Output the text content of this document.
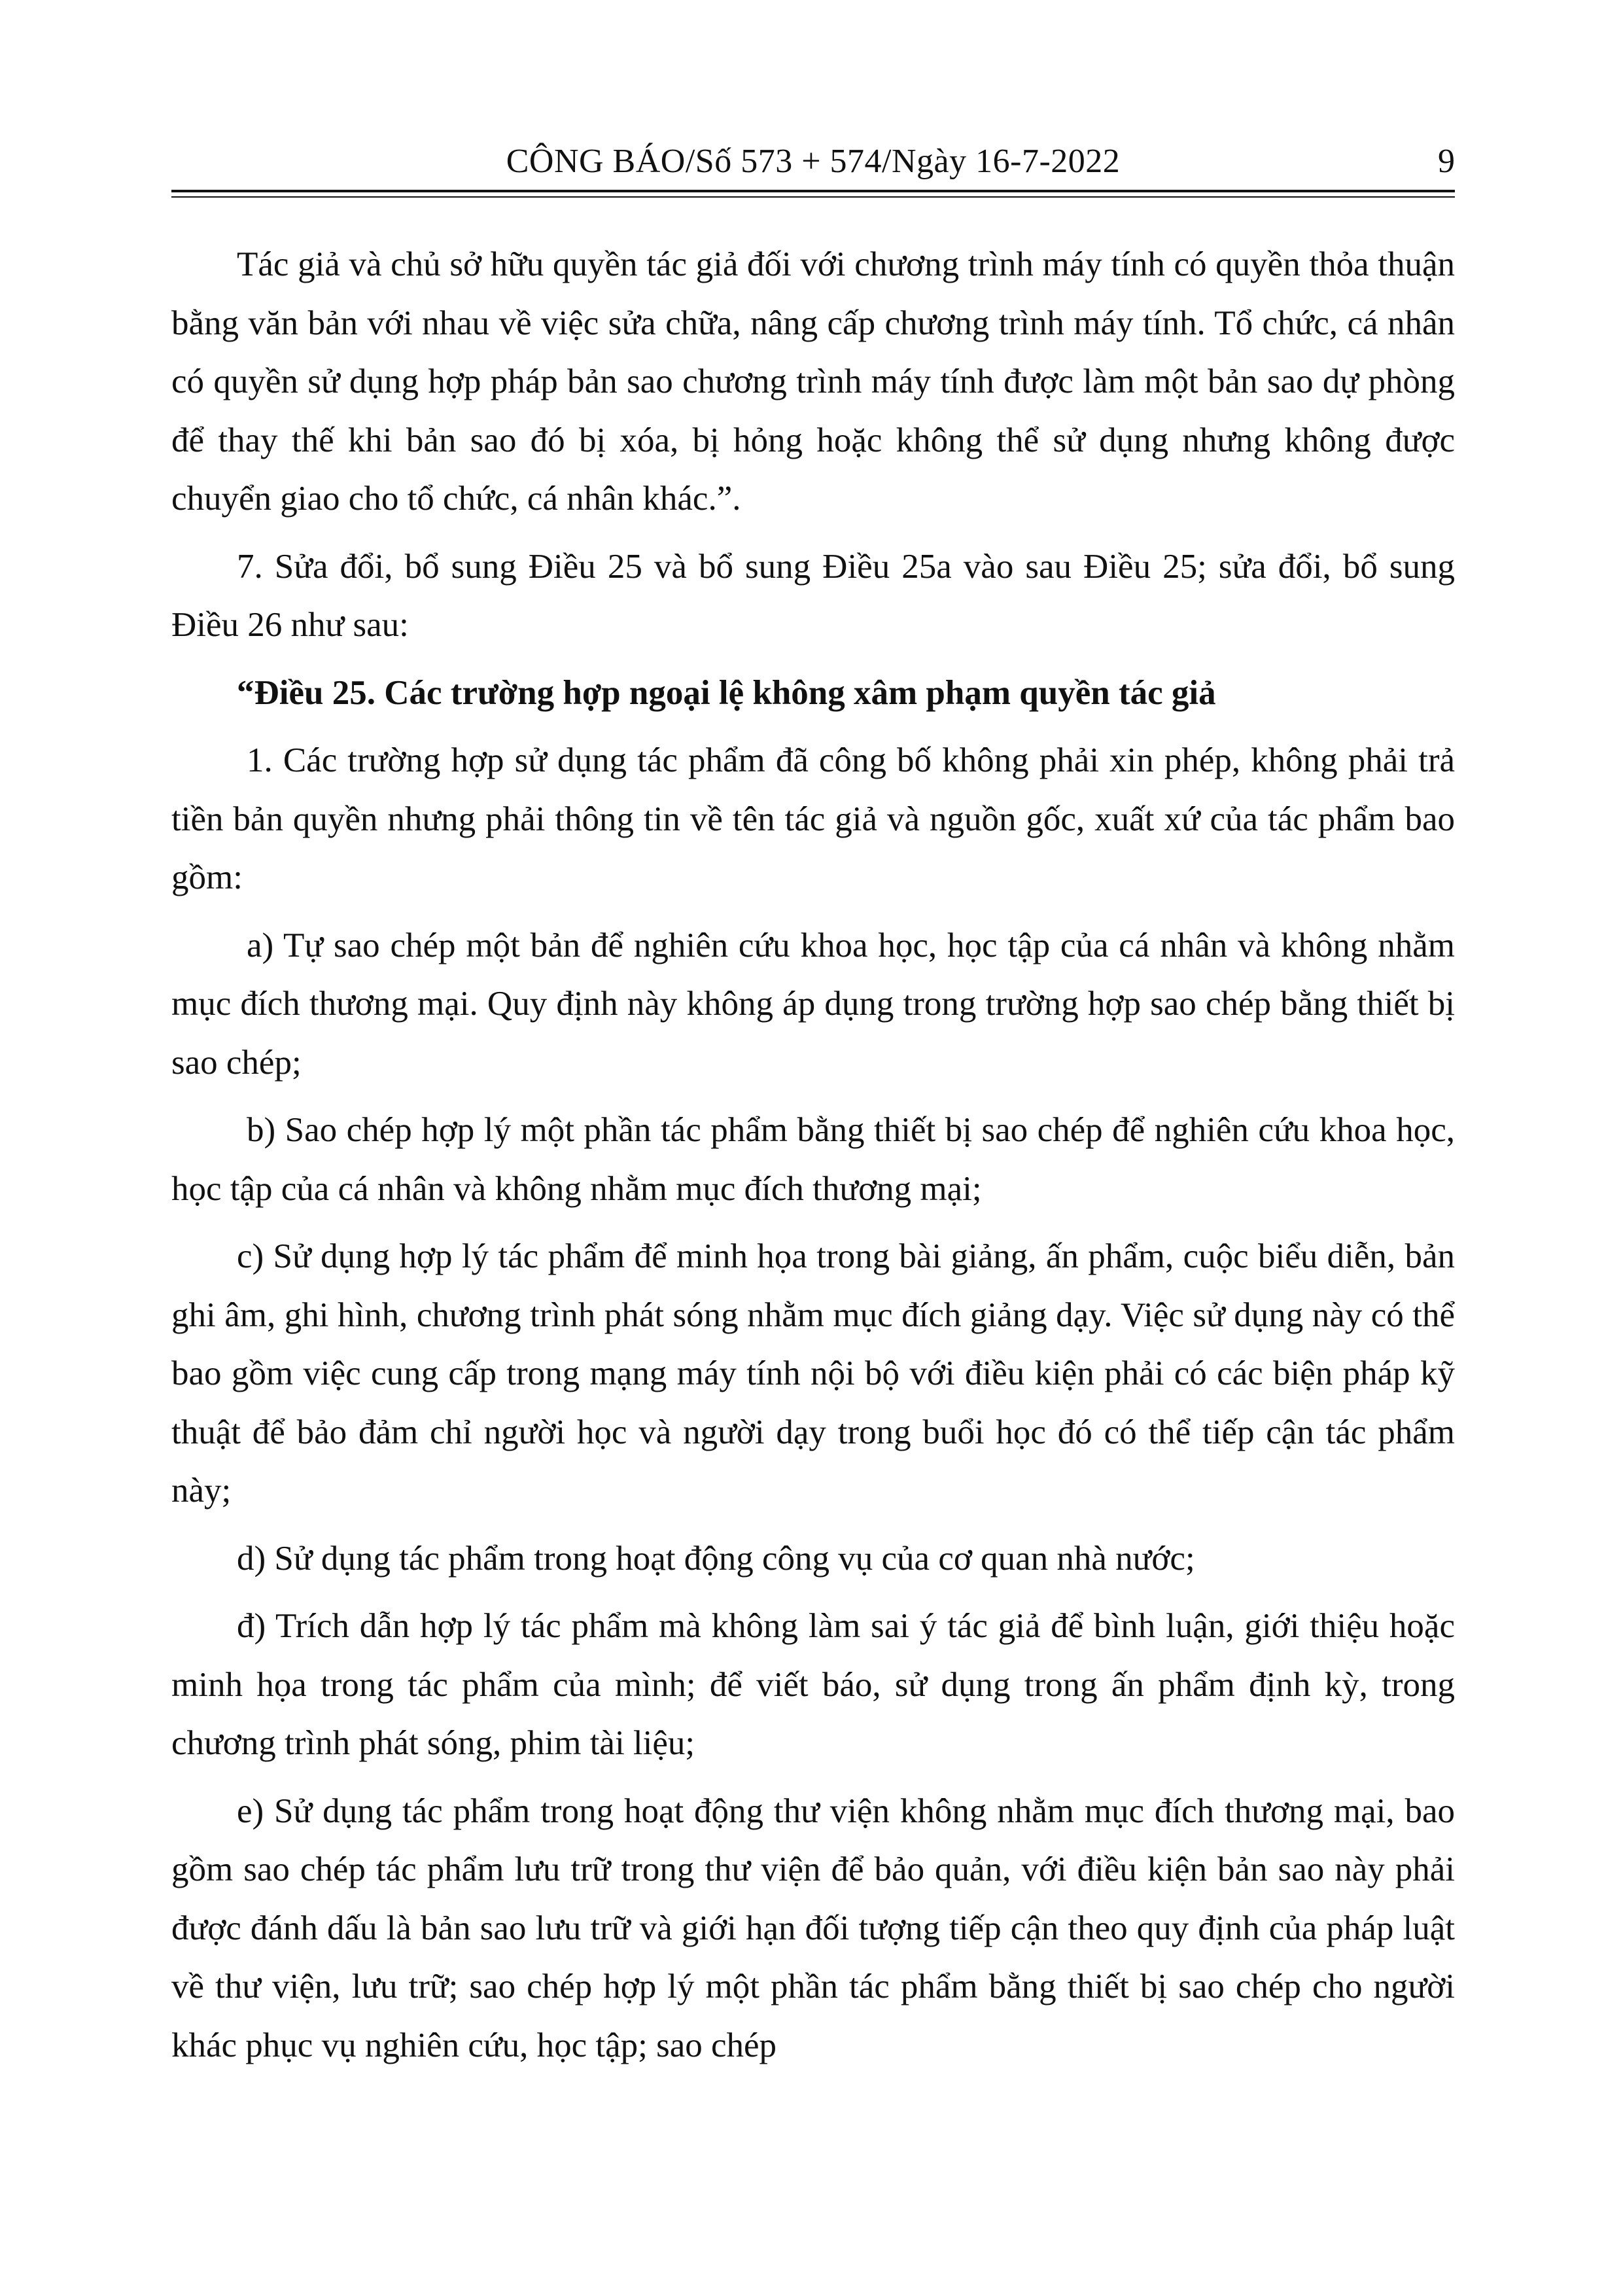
CÔNG BÁO/Số 573 + 574/Ngày 16-7-2022	9

Tác giả và chủ sở hữu quyền tác giả đối với chương trình máy tính có quyền thỏa thuận bằng văn bản với nhau về việc sửa chữa, nâng cấp chương trình máy tính. Tổ chức, cá nhân có quyền sử dụng hợp pháp bản sao chương trình máy tính được làm một bản sao dự phòng để thay thế khi bản sao đó bị xóa, bị hỏng hoặc không thể sử dụng nhưng không được chuyển giao cho tổ chức, cá nhân khác.”.

7. Sửa đổi, bổ sung Điều 25 và bổ sung Điều 25a vào sau Điều 25; sửa đổi, bổ sung Điều 26 như sau:

“Điều 25. Các trường hợp ngoại lệ không xâm phạm quyền tác giả

1. Các trường hợp sử dụng tác phẩm đã công bố không phải xin phép, không phải trả tiền bản quyền nhưng phải thông tin về tên tác giả và nguồn gốc, xuất xứ của tác phẩm bao gồm:

a) Tự sao chép một bản để nghiên cứu khoa học, học tập của cá nhân và không nhằm mục đích thương mại. Quy định này không áp dụng trong trường hợp sao chép bằng thiết bị sao chép;

b) Sao chép hợp lý một phần tác phẩm bằng thiết bị sao chép để nghiên cứu khoa học, học tập của cá nhân và không nhằm mục đích thương mại;

c) Sử dụng hợp lý tác phẩm để minh họa trong bài giảng, ấn phẩm, cuộc biểu diễn, bản ghi âm, ghi hình, chương trình phát sóng nhằm mục đích giảng dạy. Việc sử dụng này có thể bao gồm việc cung cấp trong mạng máy tính nội bộ với điều kiện phải có các biện pháp kỹ thuật để bảo đảm chỉ người học và người dạy trong buổi học đó có thể tiếp cận tác phẩm này;

d) Sử dụng tác phẩm trong hoạt động công vụ của cơ quan nhà nước;

đ) Trích dẫn hợp lý tác phẩm mà không làm sai ý tác giả để bình luận, giới thiệu hoặc minh họa trong tác phẩm của mình; để viết báo, sử dụng trong ấn phẩm định kỳ, trong chương trình phát sóng, phim tài liệu;

e) Sử dụng tác phẩm trong hoạt động thư viện không nhằm mục đích thương mại, bao gồm sao chép tác phẩm lưu trữ trong thư viện để bảo quản, với điều kiện bản sao này phải được đánh dấu là bản sao lưu trữ và giới hạn đối tượng tiếp cận theo quy định của pháp luật về thư viện, lưu trữ; sao chép hợp lý một phần tác phẩm bằng thiết bị sao chép cho người khác phục vụ nghiên cứu, học tập; sao chép
